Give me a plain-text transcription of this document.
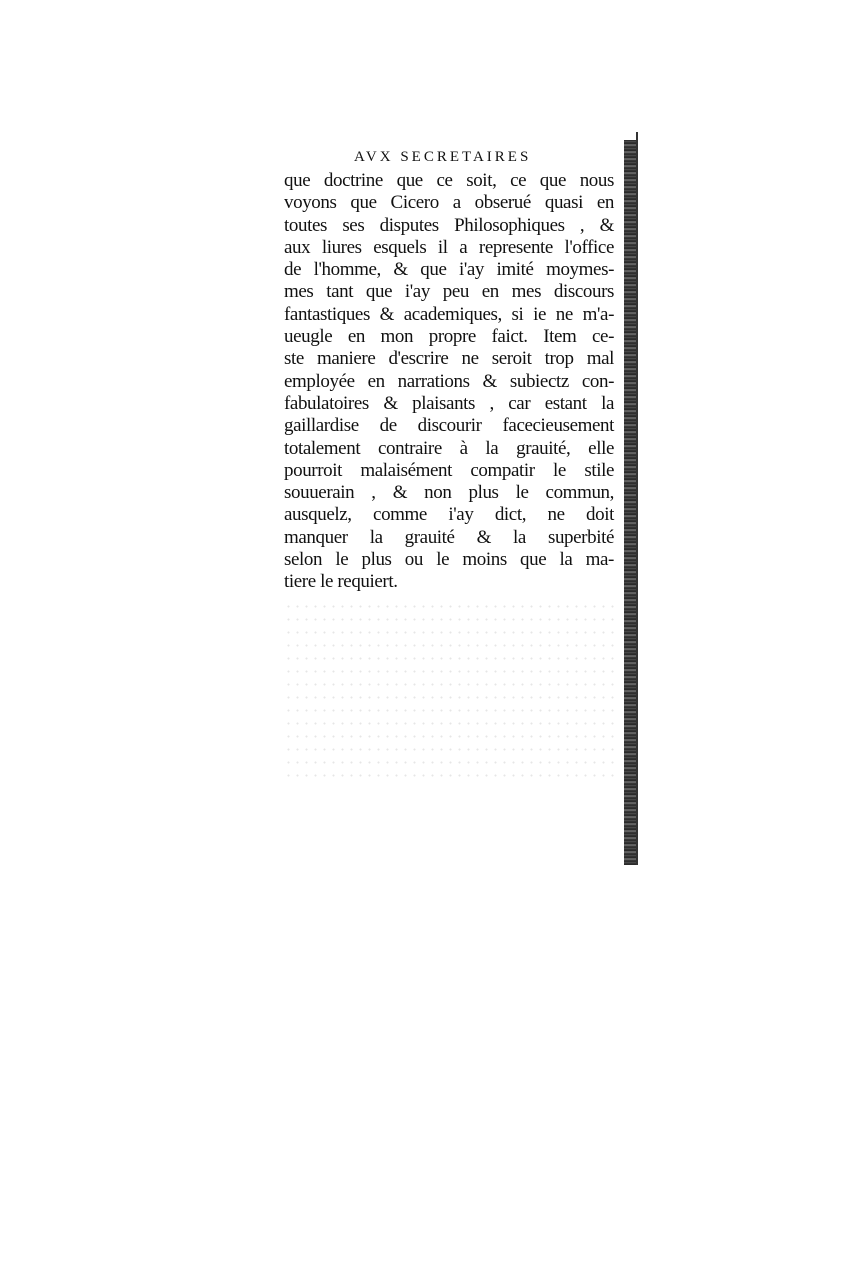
AVX SECRETAIRES
que doctrine que ce soit, ce que nous
voyons que Cicero a obserué quasi en
toutes ses disputes Philosophiques , &
aux liures esquels il a represente l'office
de l'homme, & que i'ay imité moymes-
mes tant que i'ay peu en mes discours
fantastiques & academiques, si ie ne m'a-
ueugle en mon propre faict. Item ce-
ste maniere d'escrire ne seroit trop mal
employée en narrations & subiectz con-
fabulatoires & plaisants , car estant la
gaillardise de discourir facecieusement
totalement contraire à la grauité, elle
pourroit malaisément compatir le stile
souuerain , & non plus le commun,
ausquelz, comme i'ay dict, ne doit
manquer la grauité & la superbité
selon le plus ou le moins que la ma-
tiere le requiert.
